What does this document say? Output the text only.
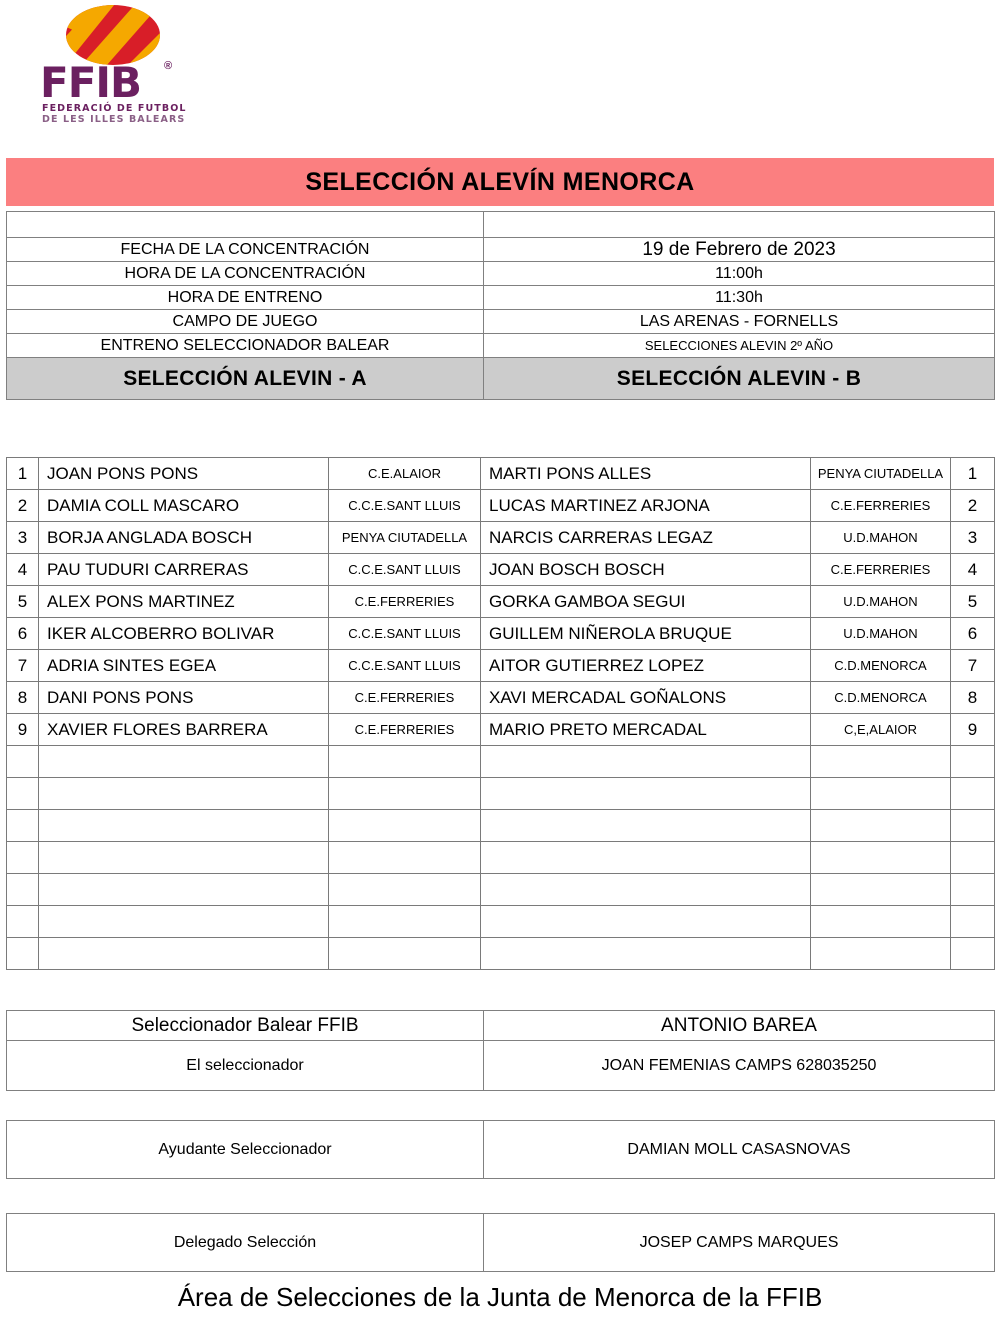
FFIB	®
FEDERACIÓ DE FUTBOL
DE LES ILLES BALEARS
SELECCIÓN ALEVÍN MENORCA

FECHA DE LA CONCENTRACIÓN	19 de Febrero de 2023
HORA DE LA CONCENTRACIÓN	11:00h
HORA DE ENTRENO	11:30h
CAMPO DE JUEGO	LAS ARENAS - FORNELLS
ENTRENO SELECCIONADOR BALEAR	SELECCIONES ALEVIN 2º AÑO
SELECCIÓN ALEVIN - A	SELECCIÓN ALEVIN - B
1	JOAN PONS PONS	C.E.ALAIOR	MARTI PONS ALLES	PENYA CIUTADELLA	1
2	DAMIA COLL MASCARO	C.C.E.SANT LLUIS	LUCAS MARTINEZ ARJONA	C.E.FERRERIES	2
3	BORJA ANGLADA BOSCH	PENYA CIUTADELLA	NARCIS CARRERAS LEGAZ	U.D.MAHON	3
4	PAU TUDURI CARRERAS	C.C.E.SANT LLUIS	JOAN BOSCH BOSCH	C.E.FERRERIES	4
5	ALEX PONS MARTINEZ	C.E.FERRERIES	GORKA GAMBOA SEGUI	U.D.MAHON	5
6	IKER ALCOBERRO BOLIVAR	C.C.E.SANT LLUIS	GUILLEM NIÑEROLA BRUQUE	U.D.MAHON	6
7	ADRIA SINTES EGEA	C.C.E.SANT LLUIS	AITOR GUTIERREZ LOPEZ	C.D.MENORCA	7
8	DANI PONS PONS	C.E.FERRERIES	XAVI MERCADAL GOÑALONS	C.D.MENORCA	8
9	XAVIER FLORES BARRERA	C.E.FERRERIES	MARIO PRETO MERCADAL	C,E,ALAIOR	9

Seleccionador Balear FFIB	ANTONIO BAREA
El seleccionador	JOAN FEMENIAS CAMPS 628035250
Ayudante Seleccionador	DAMIAN MOLL CASASNOVAS
Delegado Selección	JOSEP CAMPS MARQUES
Área de Selecciones de la Junta de Menorca de la FFIB
